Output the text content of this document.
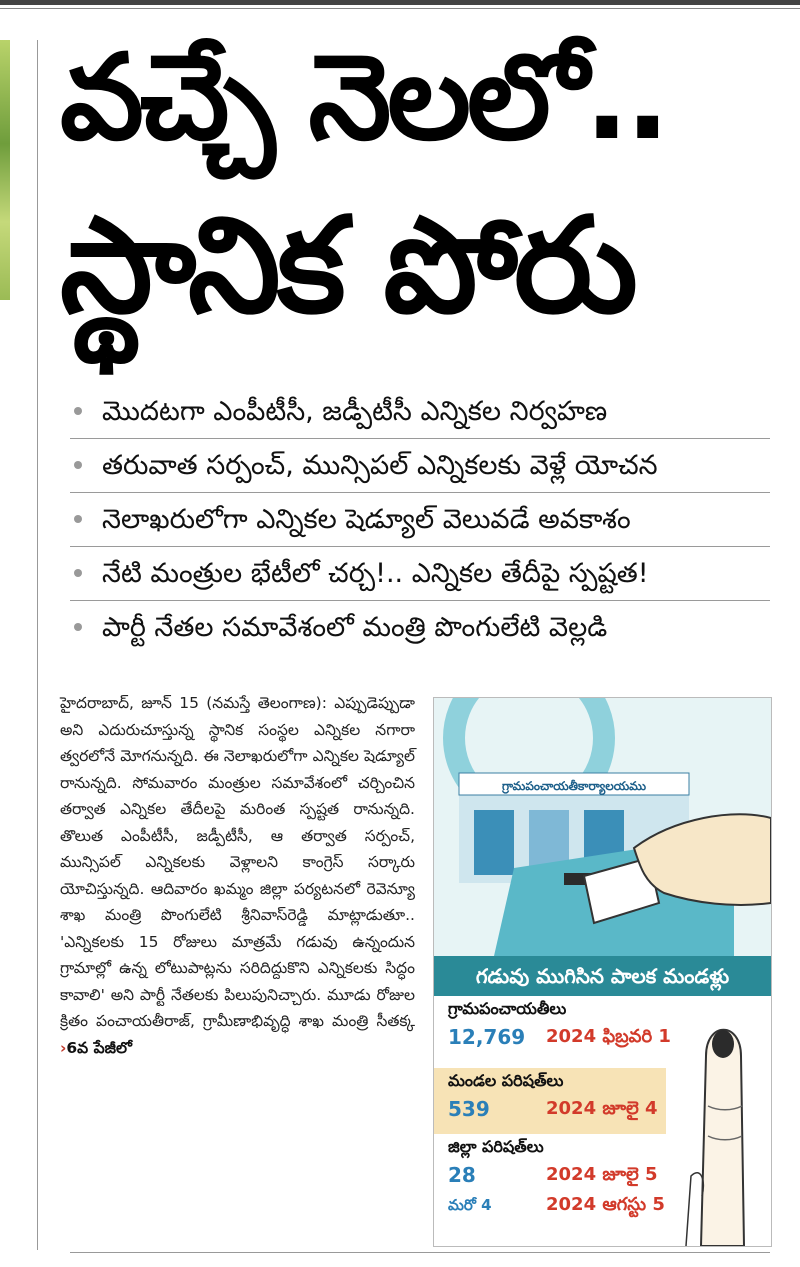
వచ్చే నెలలో..
స్థానిక పోరు
మొదటగా ఎంపీటీసీ, జడ్పీటీసీ ఎన్నికల నిర్వహణ
తరువాత సర్పంచ్, మున్సిపల్ ఎన్నికలకు వెళ్లే యోచన
నెలాఖరులోగా ఎన్నికల షెడ్యూల్ వెలువడే అవకాశం
నేటి మంత్రుల భేటీలో చర్చ!.. ఎన్నికల తేదీపై స్పష్టత!
పార్టీ నేతల సమావేశంలో మంత్రి పొంగులేటి వెల్లడి
హైదరాబాద్, జూన్ 15 (నమస్తే తెలంగాణ): ఎప్పుడెప్పుడా అని ఎదురుచూస్తున్న స్థానిక సంస్థల ఎన్నికల నగారా త్వరలోనే మోగనున్నది. ఈ నెలాఖరులోగా ఎన్నికల షెడ్యూల్ రానున్నది. సోమవారం మంత్రుల సమావేశంలో చర్చించిన తర్వాత ఎన్నికల తేదీలపై మరింత స్పష్టత రానున్నది. తొలుత ఎంపీటీసీ, జడ్పీటీసీ, ఆ తర్వాత సర్పంచ్, మున్సిపల్ ఎన్నికలకు వెళ్లాలని కాంగ్రెస్ సర్కారు యోచిస్తున్నది. ఆదివారం ఖమ్మం జిల్లా పర్యటనలో రెవెన్యూ శాఖ మంత్రి పొంగులేటి శ్రీనివాస్‌రెడ్డి మాట్లాడుతూ.. 'ఎన్నికలకు 15 రోజులు మాత్రమే గడువు ఉన్నందున గ్రామాల్లో ఉన్న లోటుపాట్లను సరిదిద్దుకొని ఎన్నికలకు సిద్ధం కావాలి' అని పార్టీ నేతలకు పిలుపునిచ్చారు. మూడు రోజుల క్రితం పంచాయతీరాజ్, గ్రామీణాభివృద్ధి శాఖ మంత్రి సీతక్క ›6వ పేజీలో
గ్రామపంచాయతీకార్యాలయము
గడువు ముగిసిన పాలక మండళ్లు
గ్రామపంచాయతీలు
12,769 2024 ఫిబ్రవరి 1
మండల పరిషత్‌లు
539	2024 జూలై 4
జిల్లా పరిషత్‌లు
28	2024 జూలై 5
మరో 4	2024 ఆగస్టు 5
